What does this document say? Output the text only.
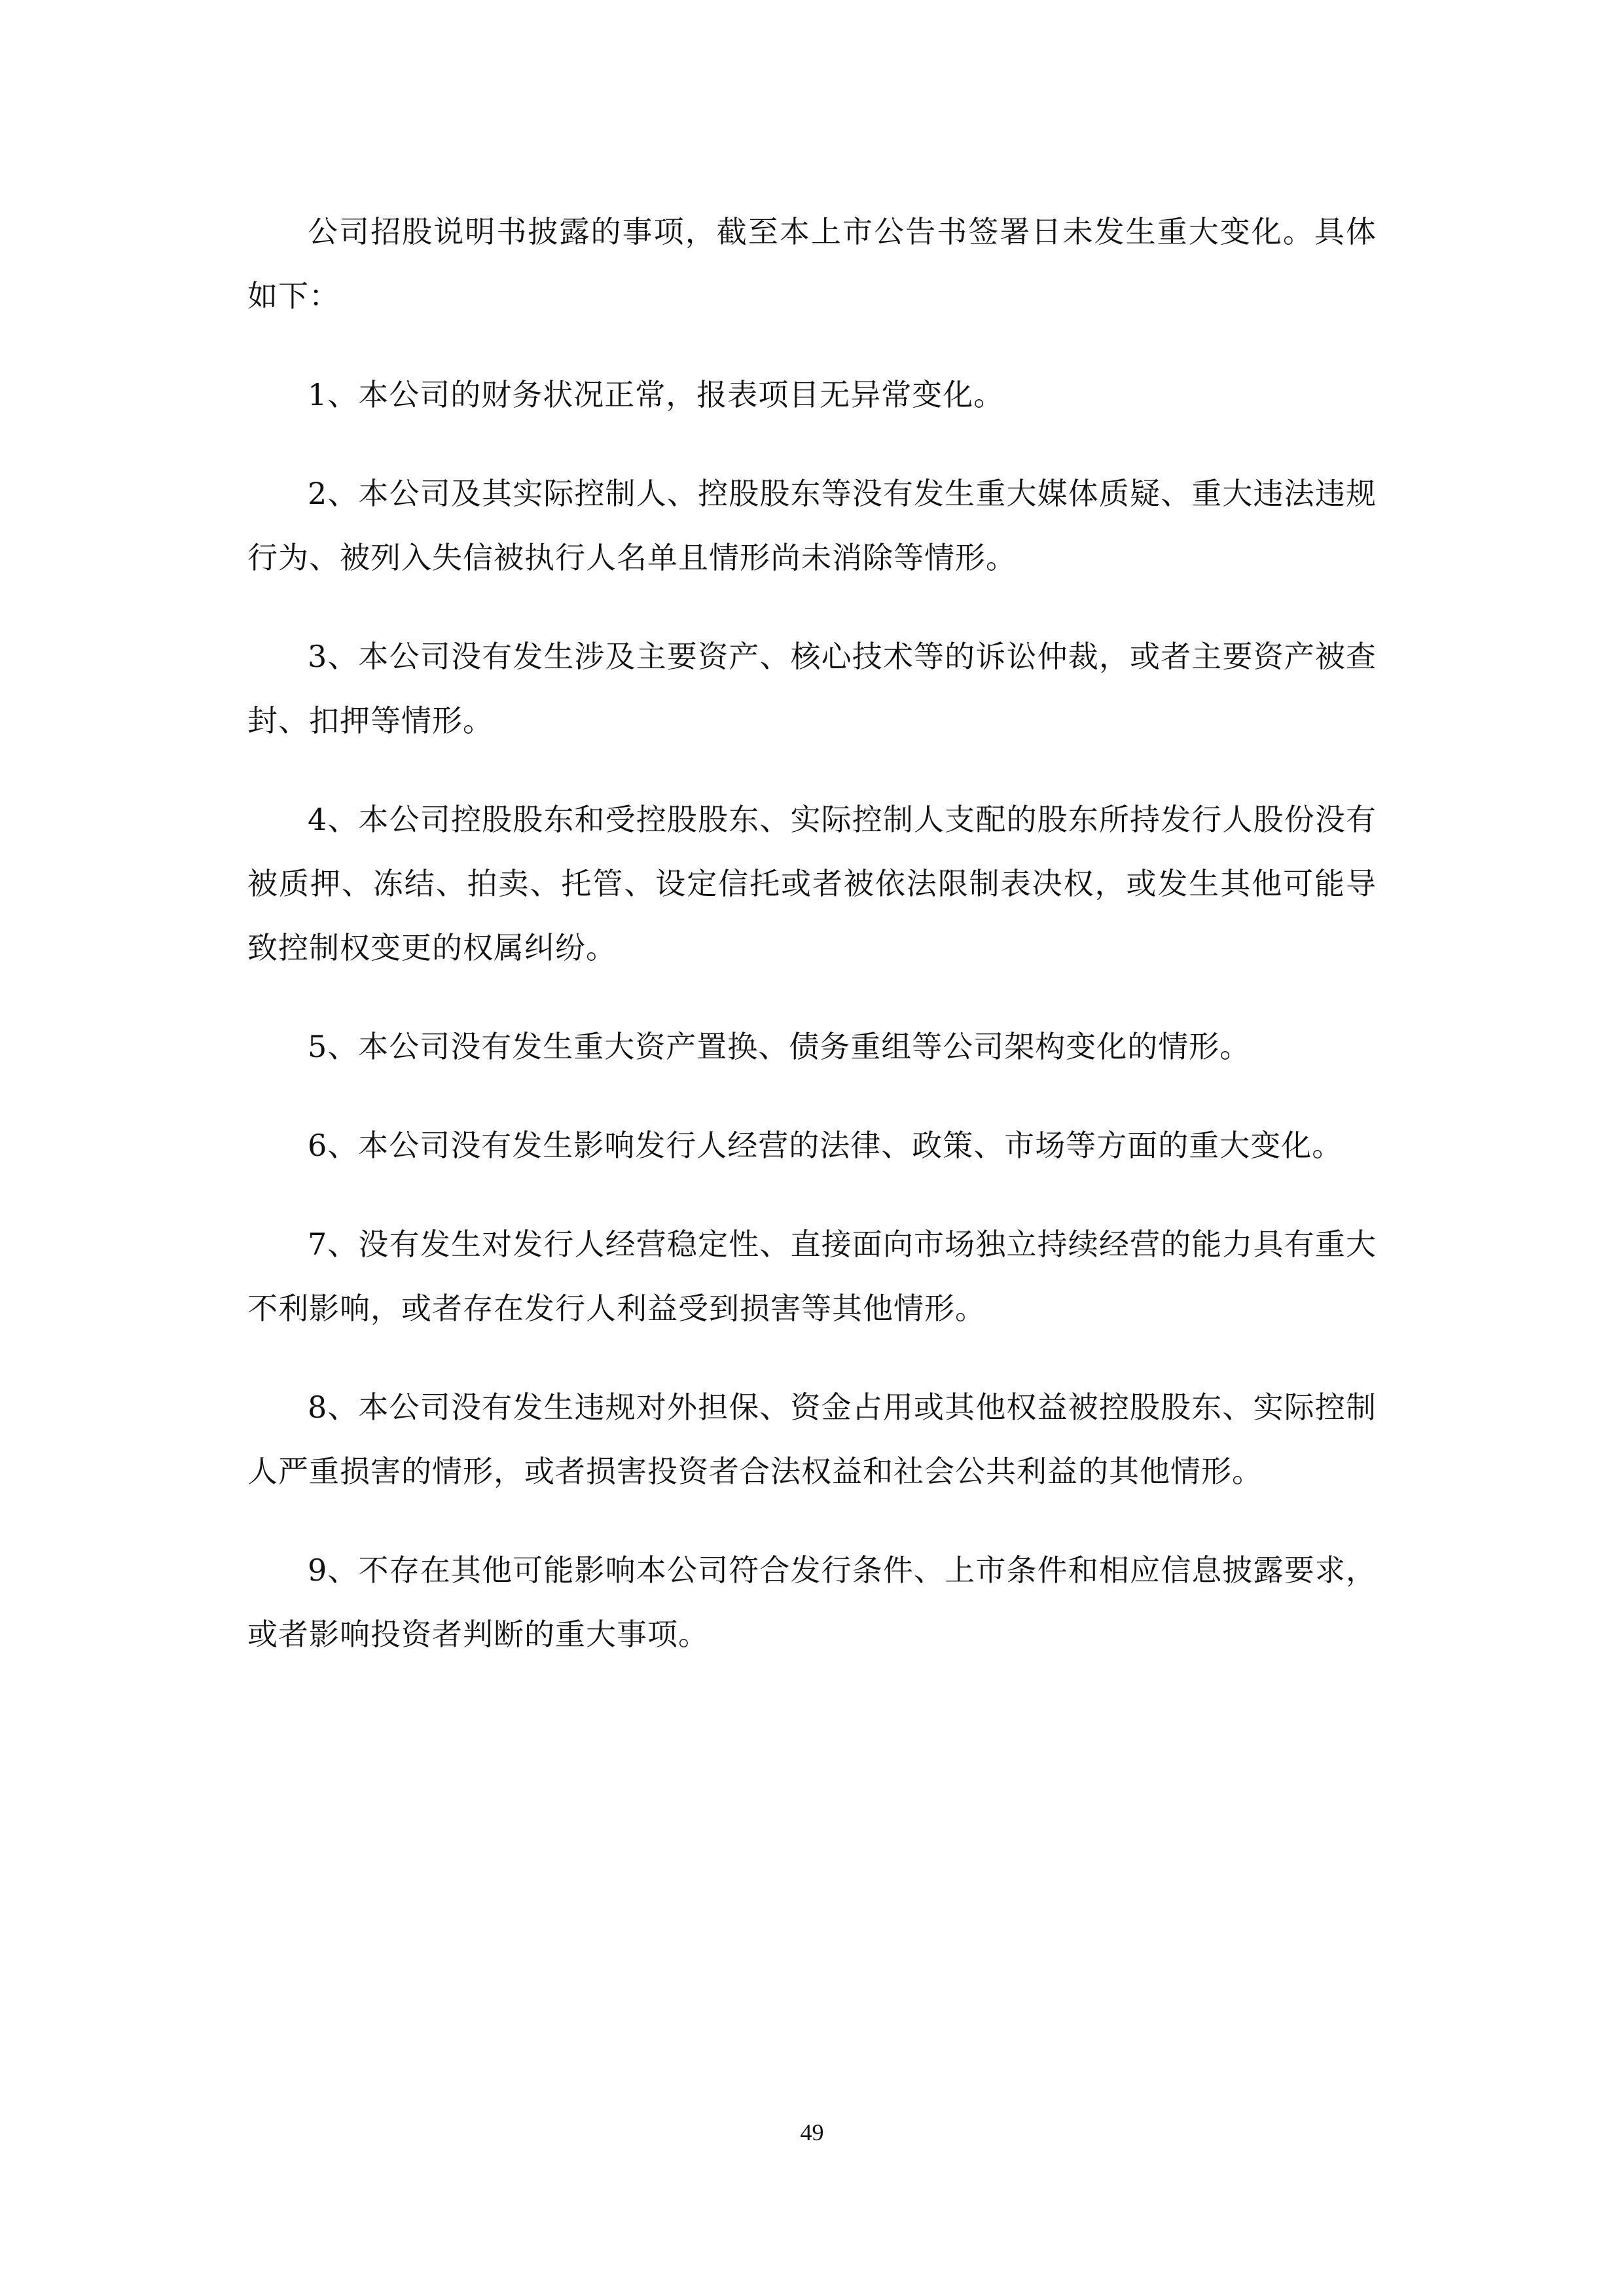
公司招股说明书披露的事项，截至本上市公告书签署日未发生重大变化。具体如下：

1、本公司的财务状况正常，报表项目无异常变化。

2、本公司及其实际控制人、控股股东等没有发生重大媒体质疑、重大违法违规行为、被列入失信被执行人名单且情形尚未消除等情形。

3、本公司没有发生涉及主要资产、核心技术等的诉讼仲裁，或者主要资产被查封、扣押等情形。

4、本公司控股股东和受控股股东、实际控制人支配的股东所持发行人股份没有被质押、冻结、拍卖、托管、设定信托或者被依法限制表决权，或发生其他可能导致控制权变更的权属纠纷。

5、本公司没有发生重大资产置换、债务重组等公司架构变化的情形。

6、本公司没有发生影响发行人经营的法律、政策、市场等方面的重大变化。

7、没有发生对发行人经营稳定性、直接面向市场独立持续经营的能力具有重大不利影响，或者存在发行人利益受到损害等其他情形。

8、本公司没有发生违规对外担保、资金占用或其他权益被控股股东、实际控制人严重损害的情形，或者损害投资者合法权益和社会公共利益的其他情形。

9、不存在其他可能影响本公司符合发行条件、上市条件和相应信息披露要求，或者影响投资者判断的重大事项。

49
